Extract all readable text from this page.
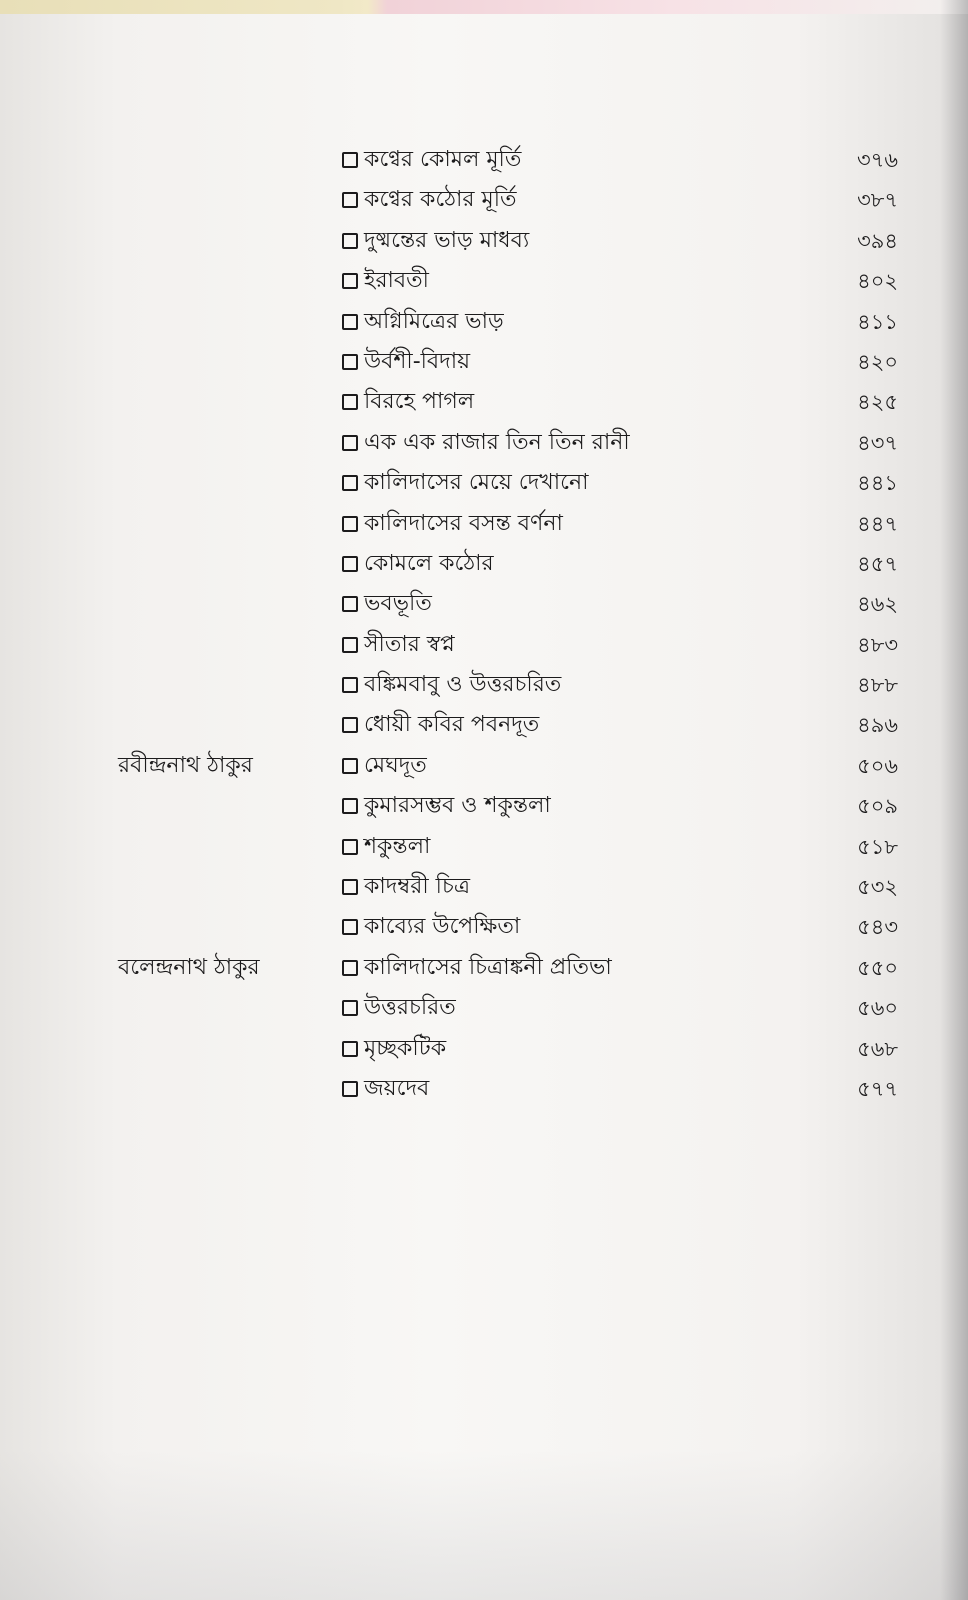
কণ্বের কোমল মূর্তি	৩৭৬
কণ্বের কঠোর মূর্তি	৩৮৭
দুষ্মন্তের ভাড় মাধব্য	৩৯৪
ইরাবতী	৪০২
অগ্নিমিত্রের ভাড়	৪১১
উর্বশী-বিদায়	৪২০
বিরহে পাগল	৪২৫
এক এক রাজার তিন তিন রানী	৪৩৭
কালিদাসের মেয়ে দেখানো	৪৪১
কালিদাসের বসন্ত বর্ণনা	৪৪৭
কোমলে কঠোর	৪৫৭
ভবভূতি	৪৬২
সীতার স্বপ্ন	৪৮৩
বঙ্কিমবাবু ও উত্তরচরিত	৪৮৮
ধোয়ী কবির পবনদূত	৪৯৬
রবীন্দ্রনাথ ঠাকুর	মেঘদূত	৫০৬
কুমারসম্ভব ও শকুন্তলা	৫০৯
শকুন্তলা	৫১৮
কাদম্বরী চিত্র	৫৩২
কাব্যের উপেক্ষিতা	৫৪৩
বলেন্দ্রনাথ ঠাকুর	কালিদাসের চিত্রাঙ্কনী প্রতিভা	৫৫০
উত্তরচরিত	৫৬০
মৃচ্ছকটিক	৫৬৮
জয়দেব	৫৭৭
